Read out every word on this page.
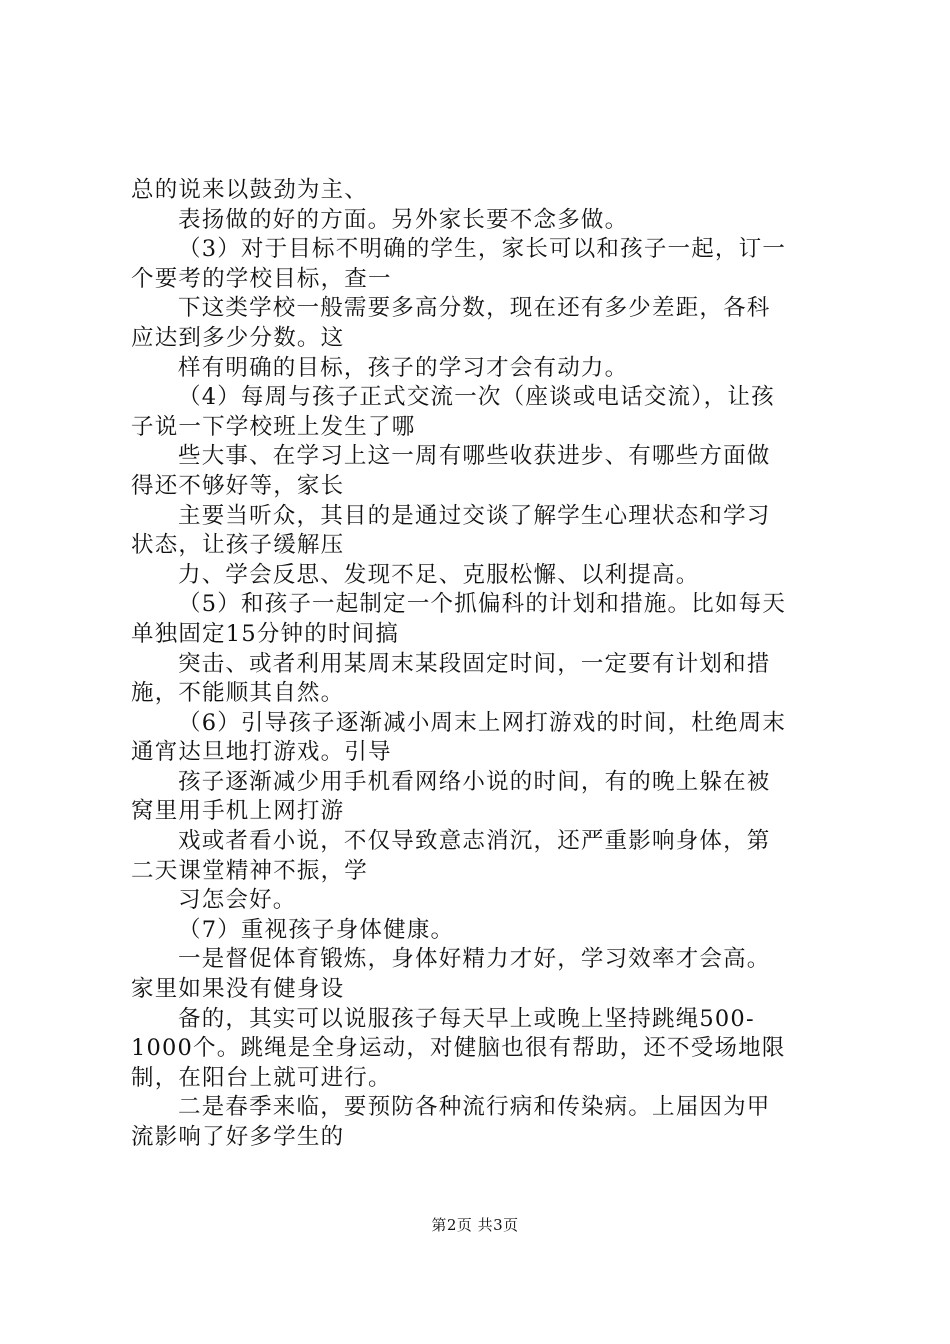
总的说来以鼓劲为主、
表扬做的好的方面。另外家长要不念多做。
（3）对于目标不明确的学生，家长可以和孩子一起，订一
个要考的学校目标，查一
下这类学校一般需要多高分数，现在还有多少差距，各科
应达到多少分数。这
样有明确的目标，孩子的学习才会有动力。
（4）每周与孩子正式交流一次（座谈或电话交流），让孩
子说一下学校班上发生了哪
些大事、在学习上这一周有哪些收获进步、有哪些方面做
得还不够好等，家长
主要当听众，其目的是通过交谈了解学生心理状态和学习
状态，让孩子缓解压
力、学会反思、发现不足、克服松懈、以利提高。
（5）和孩子一起制定一个抓偏科的计划和措施。比如每天
单独固定15分钟的时间搞
突击、或者利用某周末某段固定时间，一定要有计划和措
施，不能顺其自然。
（6）引导孩子逐渐减小周末上网打游戏的时间，杜绝周末
通宵达旦地打游戏。引导
孩子逐渐减少用手机看网络小说的时间，有的晚上躲在被
窝里用手机上网打游
戏或者看小说，不仅导致意志消沉，还严重影响身体，第
二天课堂精神不振，学
习怎会好。
（7）重视孩子身体健康。
一是督促体育锻炼，身体好精力才好，学习效率才会高。
家里如果没有健身设
备的，其实可以说服孩子每天早上或晚上坚持跳绳500-
1000个。跳绳是全身运动，对健脑也很有帮助，还不受场地限
制，在阳台上就可进行。
二是春季来临，要预防各种流行病和传染病。上届因为甲
流影响了好多学生的
第2页 共3页
